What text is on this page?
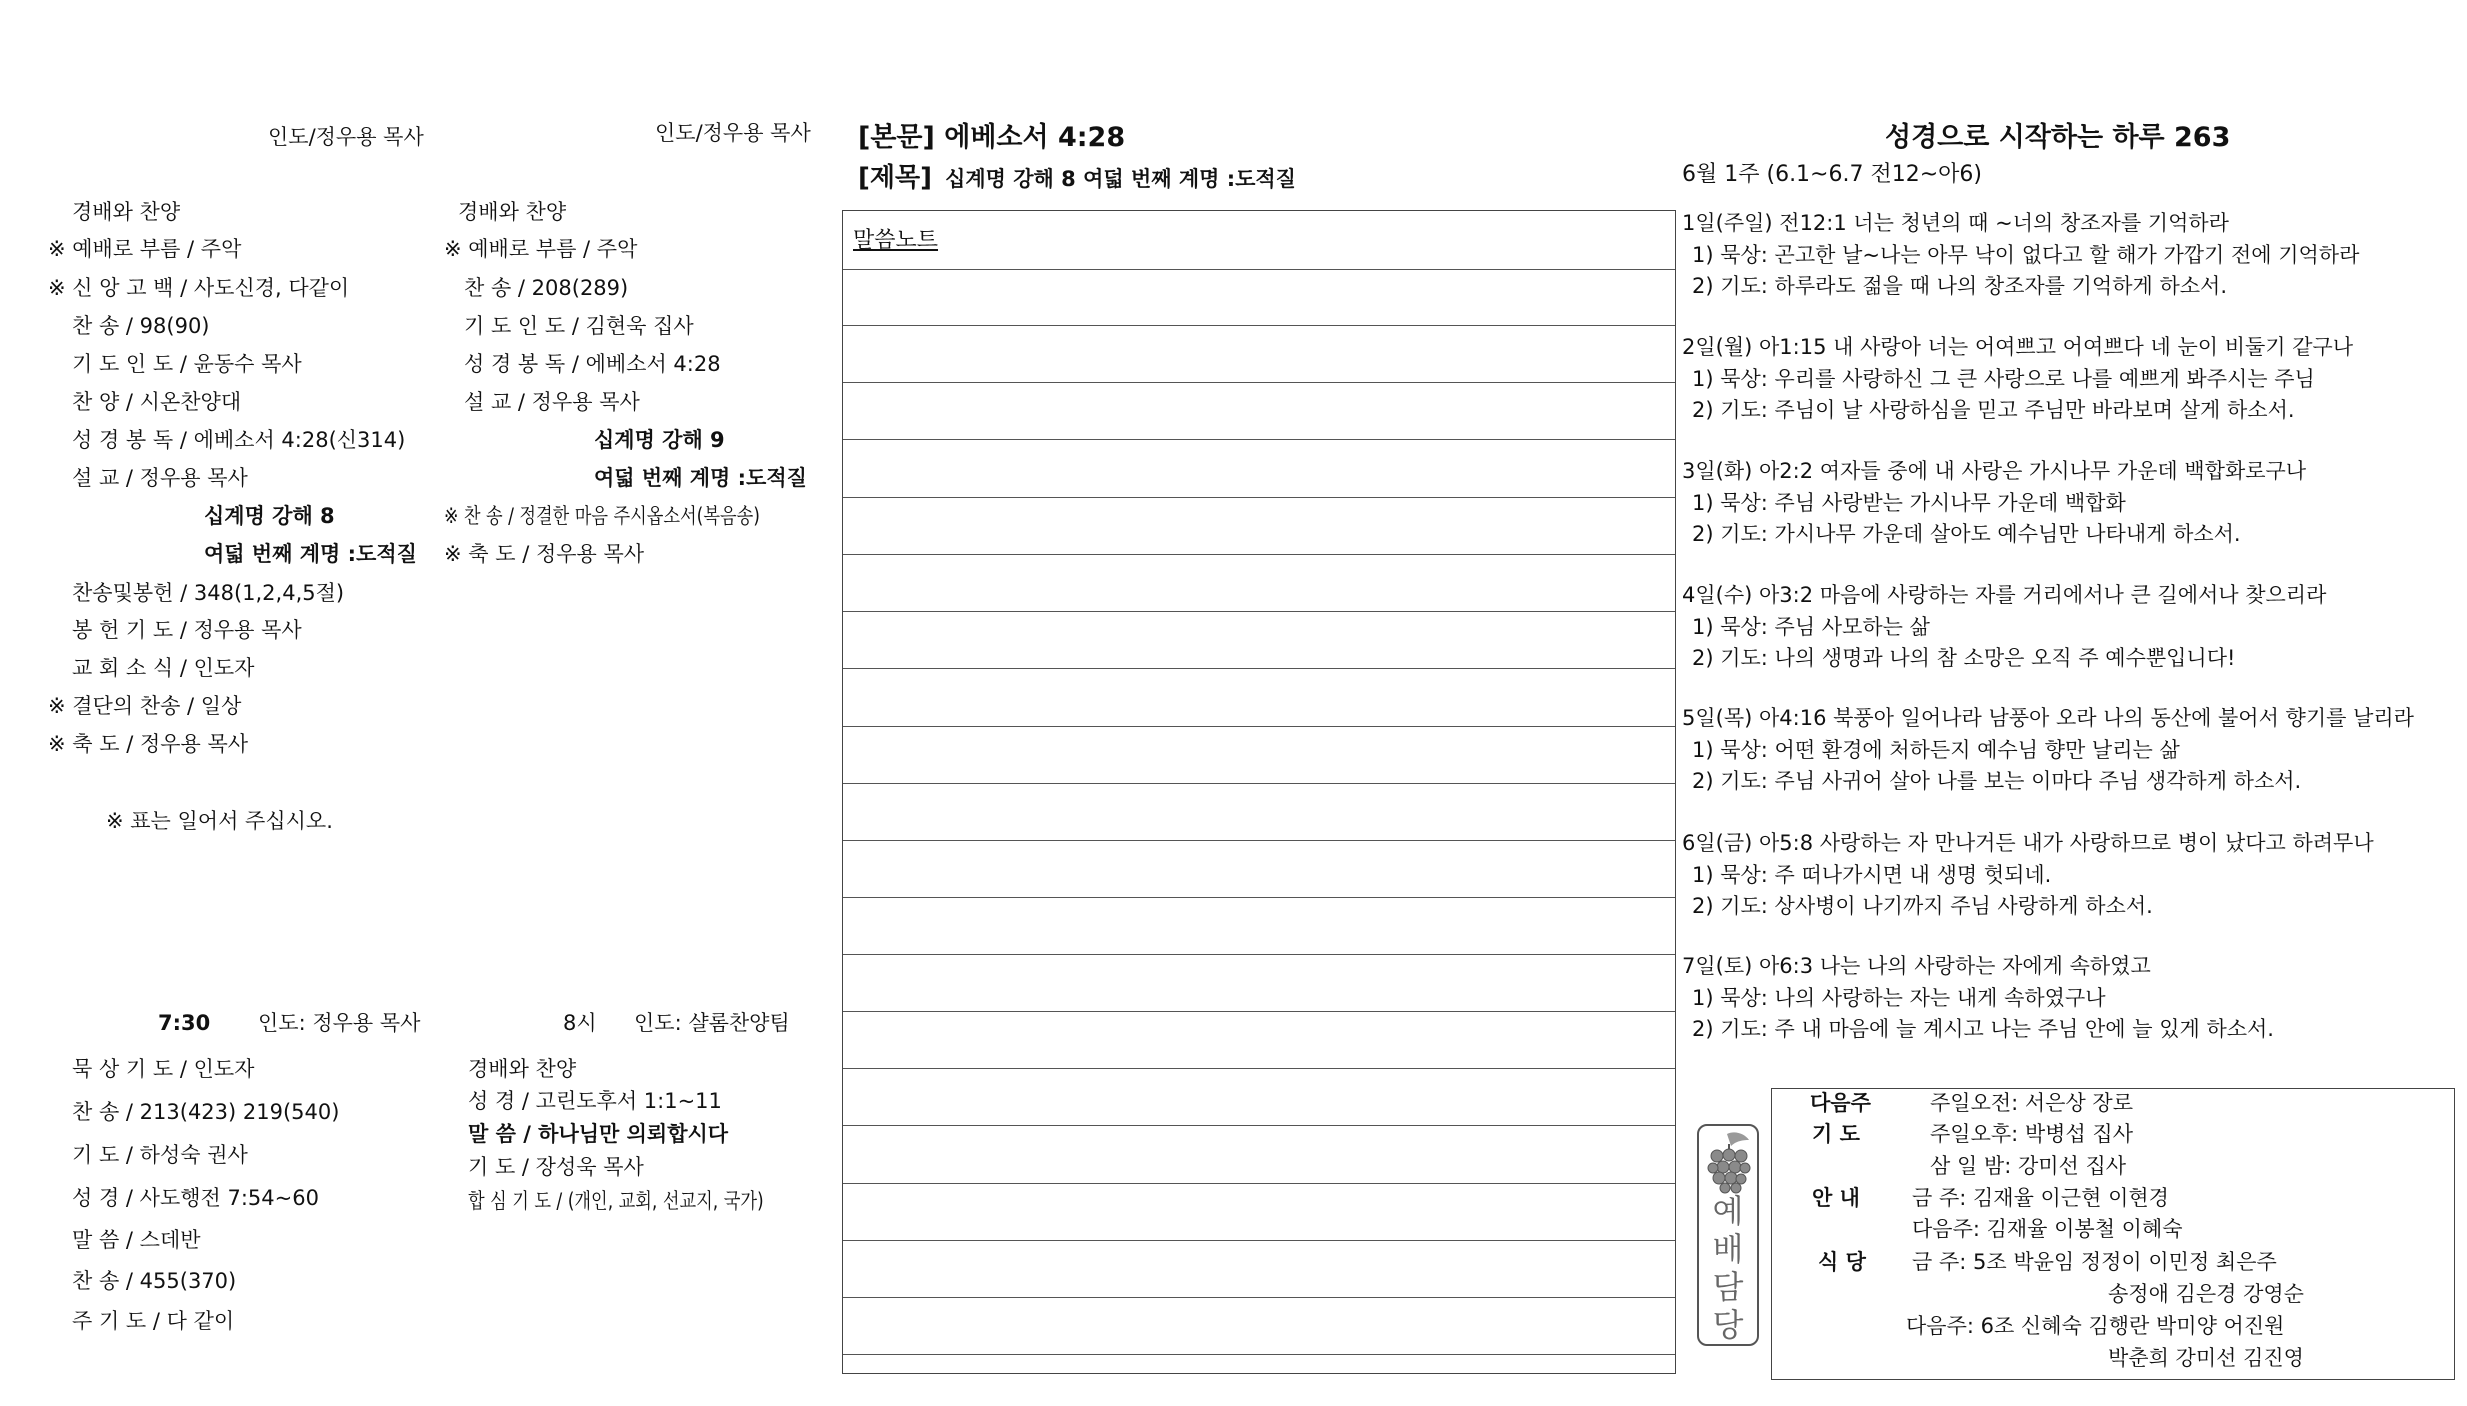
인도/정우용 목사
경배와 찬양
※ 예배로 부름 / 주악
※ 신 앙 고 백 / 사도신경, 다같이
찬 송 / 98(90)
기 도 인 도 / 윤동수 목사
찬 양 / 시온찬양대
성 경 봉 독 / 에베소서 4:28(신314)
설 교 / 정우용 목사
십계명 강해 8
여덟 번째 계명 :도적질
찬송및봉헌 / 348(1,2,4,5절)
봉 헌 기 도 / 정우용 목사
교 회 소 식 / 인도자
※ 결단의 찬송 / 일상
※ 축 도 / 정우용 목사
※ 표는 일어서 주십시오.
인도/정우용 목사
경배와 찬양
※ 예배로 부름 / 주악
찬 송 / 208(289)
기 도 인 도 / 김현욱 집사
성 경 봉 독 / 에베소서 4:28
설 교 / 정우용 목사
십계명 강해 9
여덟 번째 계명 :도적질
※ 찬 송 / 정결한 마음 주시옵소서(복음송)
※ 축 도 / 정우용 목사
7:30 인도: 정우용 목사	8시 인도: 샬롬찬양팀
묵 상 기 도 / 인도자
찬 송 / 213(423) 219(540)
기 도 / 하성숙 권사
성 경 / 사도행전 7:54~60
말 씀 / 스데반
찬 송 / 455(370)
주 기 도 / 다 같이
경배와 찬양
성 경 / 고린도후서 1:1~11
말 씀 / 하나님만 의뢰합시다
기 도 / 장성욱 목사
합 심 기 도 / (개인, 교회, 선교지, 국가)
[본문] 에베소서 4:28
[제목] 십계명 강해 8 여덟 번째 계명 :도적질
말씀노트
성경으로 시작하는 하루 263
6월 1주 (6.1~6.7 전12~아6)
1일(주일) 전12:1 너는 청년의 때 ~너의 창조자를 기억하라
1) 묵상: 곤고한 날~나는 아무 낙이 없다고 할 해가 가깝기 전에 기억하라
2) 기도: 하루라도 젊을 때 나의 창조자를 기억하게 하소서.
2일(월) 아1:15 내 사랑아 너는 어여쁘고 어여쁘다 네 눈이 비둘기 같구나
1) 묵상: 우리를 사랑하신 그 큰 사랑으로 나를 예쁘게 봐주시는 주님
2) 기도: 주님이 날 사랑하심을 믿고 주님만 바라보며 살게 하소서.
3일(화) 아2:2 여자들 중에 내 사랑은 가시나무 가운데 백합화로구나
1) 묵상: 주님 사랑받는 가시나무 가운데 백합화
2) 기도: 가시나무 가운데 살아도 예수님만 나타내게 하소서.
4일(수) 아3:2 마음에 사랑하는 자를 거리에서나 큰 길에서나 찾으리라
1) 묵상: 주님 사모하는 삶
2) 기도: 나의 생명과 나의 참 소망은 오직 주 예수뿐입니다!
5일(목) 아4:16 북풍아 일어나라 남풍아 오라 나의 동산에 불어서 향기를 날리라
1) 묵상: 어떤 환경에 처하든지 예수님 향만 날리는 삶
2) 기도: 주님 사귀어 살아 나를 보는 이마다 주님 생각하게 하소서.
6일(금) 아5:8 사랑하는 자 만나거든 내가 사랑하므로 병이 났다고 하려무나
1) 묵상: 주 떠나가시면 내 생명 헛되네.
2) 기도: 상사병이 나기까지 주님 사랑하게 하소서.
7일(토) 아6:3 나는 나의 사랑하는 자에게 속하였고
1) 묵상: 나의 사랑하는 자는 내게 속하였구나
2) 기도: 주 내 마음에 늘 계시고 나는 주님 안에 늘 있게 하소서.
예
배
담
당
다음주
기 도
주일오전: 서은상 장로
주일오후: 박병섭 집사
삼 일 밤: 강미선 집사
안 내 금 주: 김재율 이근현 이현경
다음주: 김재율 이봉철 이혜숙
식 당 금 주: 5조 박윤임 정정이 이민정 최은주
송정애 김은경 강영순
다음주: 6조 신혜숙 김행란 박미양 어진원
박춘희 강미선 김진영
